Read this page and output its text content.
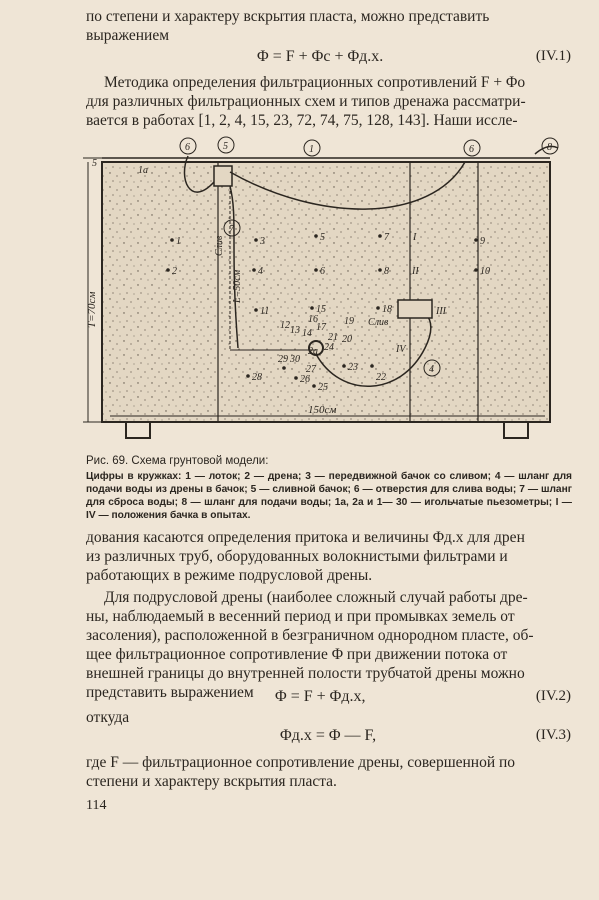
по степени и характеру вскрытия пласта, можно представить
выражением
Φ = F + Φс + Φд.х.	(IV.1)
Методика определения фильтрационных сопротивлений F + Φо
для различных фильтрационных схем и типов дренажа рассматри-
вается в работах [1, 2, 4, 15, 23, 72, 74, 75, 128, 143]. Наши иссле-
6	5	1	6	8
7
4
5
T=70см
150см
L=50см
Слив
Слив
1а
I
II
III
IV
1
2
3
4
5
6
7
8
9
10
11
12 13 14
15
16
17
18
19
20
21
22
23
24
25
26
27
28
29 30
2а
Рис. 69. Схема грунтовой модели:
Цифры в кружках: 1 — лоток; 2 — дрена; 3 — передвижной бачок со сливом; 4 — шланг для подачи воды из дрены в бачок; 5 — сливной бачок; 6 — отверстия для слива воды; 7 — шланг для сброса воды; 8 — шланг для подачи воды; 1а, 2а и 1— 30 — игольчатые пьезометры; I — IV — положения бачка в опытах.
дования касаются определения притока и величины Φд.х для дрен
из различных труб, оборудованных волокнистыми фильтрами и
работающих в режиме подрусловой дрены.
Для подрусловой дрены (наиболее сложный случай работы дре-
ны, наблюдаемый в весенний период и при промывках земель от
засоления), расположенной в безграничном однородном пласте, об-
щее фильтрационное сопротивление Φ при движении потока от
внешней границы до внутренней полости трубчатой дрены можно
представить выражением Φ = F + Φд.х,	(IV.2)
откуда
Φд.х = Φ — F,	(IV.3)
где F — фильтрационное сопротивление дрены, совершенной по
степени и характеру вскрытия пласта.
114
